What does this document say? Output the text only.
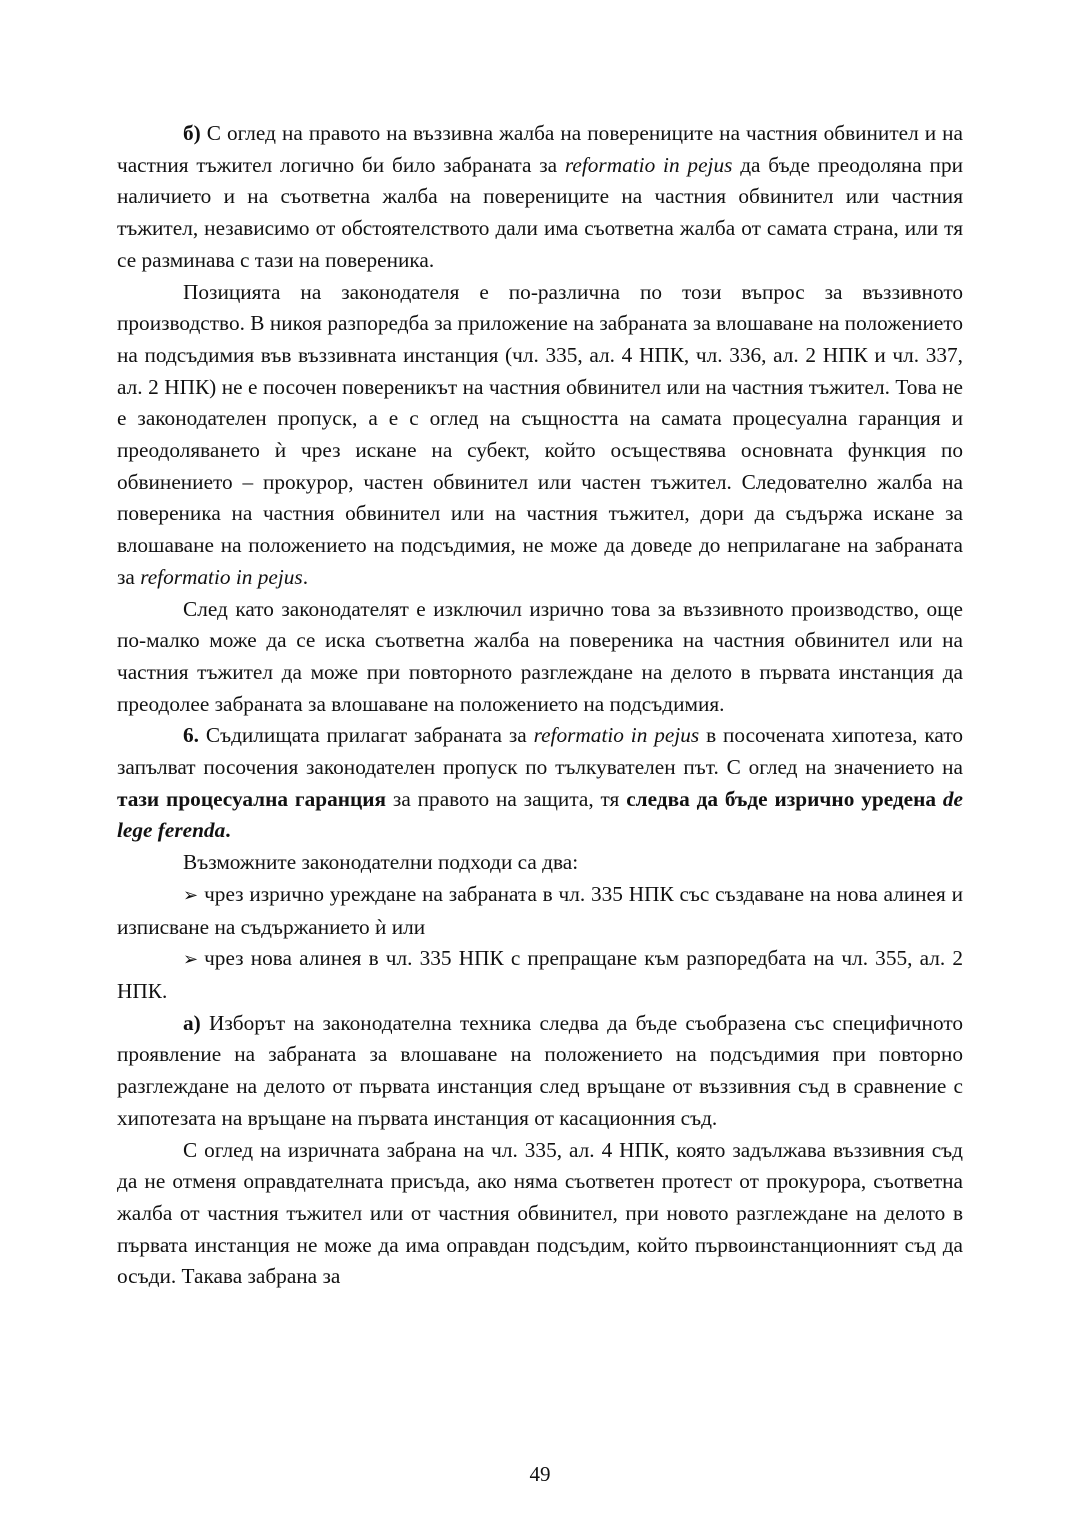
б) С оглед на правото на въззивна жалба на повереницитe на частния обвинител и на частния тъжител логично би било забраната за reformatio in pejus да бъде преодоляна при наличието и на съответна жалба на повереницитe на частния обвинител или частния тъжител, независимо от обстоятелството дали има съответна жалба от самата страна, или тя се разминава с тази на повереника.

Позицията на законодателя е по-различна по този въпрос за въззивното производство. В никоя разпоредба за приложение на забраната за влошаване на положението на подсъдимия във въззивната инстанция (чл. 335, ал. 4 НПК, чл. 336, ал. 2 НПК и чл. 337, ал. 2 НПК) не е посочен повереникът на частния обвинител или на частния тъжител. Това не е законодателен пропуск, а е с оглед на същността на самата процесуална гаранция и преодоляването ѝ чрез искане на субект, който осъществява основната функция по обвинението – прокурор, частен обвинител или частен тъжител. Следователно жалба на повереника на частния обвинител или на частния тъжител, дори да съдържа искане за влошаване на положението на подсъдимия, не може да доведе до неприлагане на забраната за reformatio in pejus.

След като законодателят е изключил изрично това за въззивното производство, още по-малко може да се иска съответна жалба на повереника на частния обвинител или на частния тъжител да може при повторното разглеждане на делото в първата инстанция да преодолее забраната за влошаване на положението на подсъдимия.

6. Съдилищата прилагат забраната за reformatio in pejus в посочената хипотеза, като запълват посочения законодателен пропуск по тълкувателен път. С оглед на значението на тази процесуална гаранция за правото на защита, тя следва да бъде изрично уредена de lege ferenda.

Възможните законодателни подходи са два:

➢ чрез изрично уреждане на забраната в чл. 335 НПК със създаване на нова алинея и изписване на съдържанието ѝ или

➢ чрез нова алинея в чл. 335 НПК с препращане към разпоредбата на чл. 355, ал. 2 НПК.

а) Изборът на законодателна техника следва да бъде съобразена със специфичното проявление на забраната за влошаване на положението на подсъдимия при повторно разглеждане на делото от първата инстанция след връщане от въззивния съд в сравнение с хипотезата на връщане на първата инстанция от касационния съд.

С оглед на изричната забрана на чл. 335, ал. 4 НПК, която задължава въззивния съд да не отменя оправдателната присъда, ако няма съответен протест от прокурора, съответна жалба от частния тъжител или от частния обвинител, при новото разглеждане на делото в първата инстанция не може да има оправдан подсъдим, който първоинстанционният съд да осъди. Такава забрана за

49
